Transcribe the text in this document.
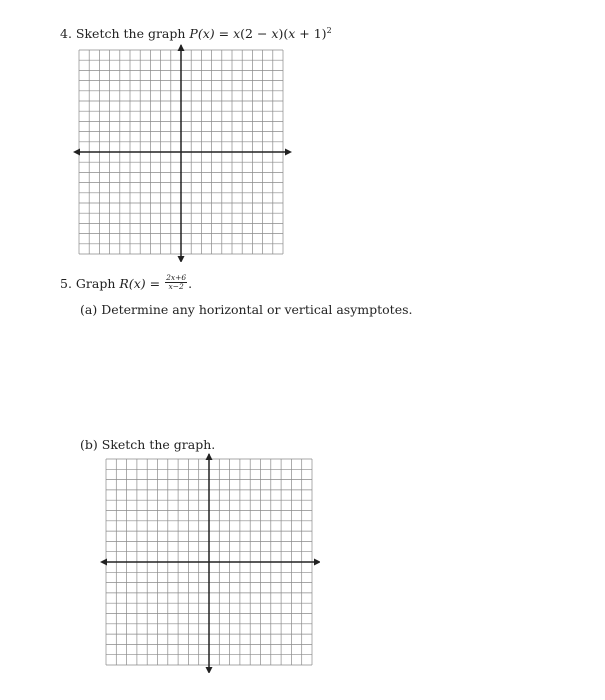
4. Sketch the graph $P(x) = x(2 - x)(x + 1)^2$
5. Graph $R(x) = \frac{2x+6}{x-2}$ .
(a) Determine any horizontal or vertical asymptotes.
(b) Sketch the graph.
